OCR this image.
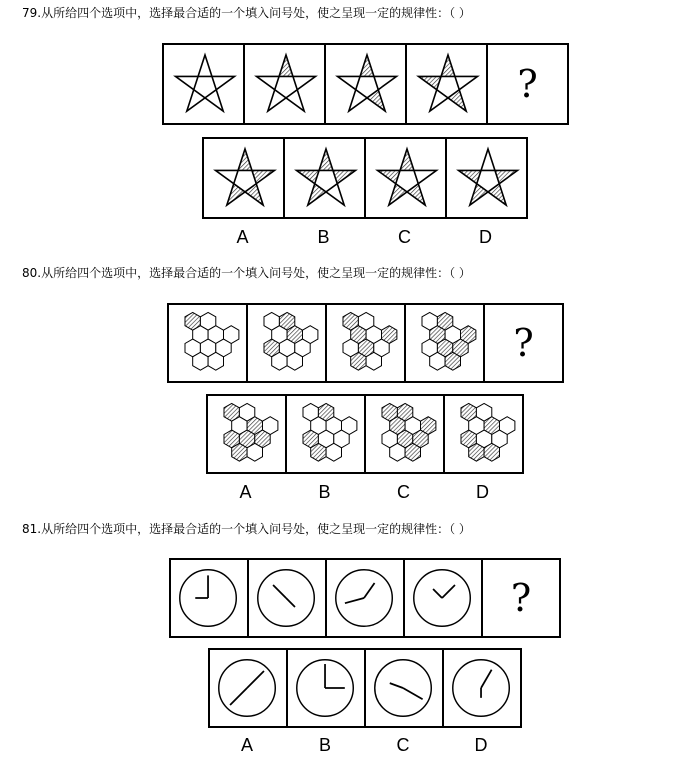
79.从所给四个选项中，选择最合适的一个填入问号处，使之呈现一定的规律性：（ ）
?
A	B	C	D
80.从所给四个选项中，选择最合适的一个填入问号处，使之呈现一定的规律性：（ ）
?
A	B	C	D
81.从所给四个选项中，选择最合适的一个填入问号处，使之呈现一定的规律性：（ ）
?
A	B	C	D
